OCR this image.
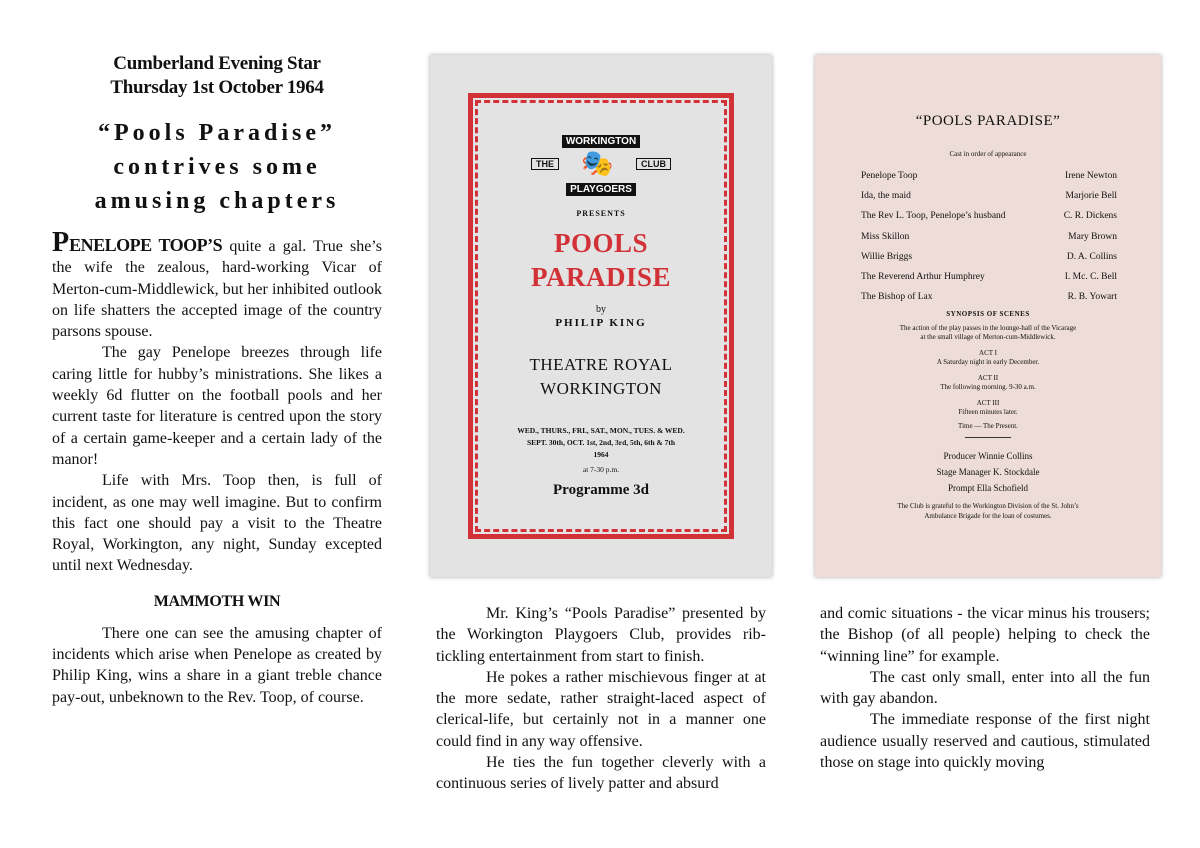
Cumberland Evening Star
Thursday 1st October 1964
“Pools Paradise”
contrives some
amusing chapters

PENELOPE TOOP’S quite a gal. True she’s the wife the zealous, hard-working Vicar of Merton-cum-Middlewick, but her inhibited outlook on life shatters the accepted image of the country parsons spouse.

The gay Penelope breezes through life caring little for hubby’s ministrations. She likes a weekly 6d flutter on the football pools and her current taste for literature is centred upon the story of a certain game-keeper and a certain lady of the manor!

Life with Mrs. Toop then, is full of incident, as one may well imagine. But to confirm this fact one should pay a visit to the Theatre Royal, Workington, any night, Sunday excepted until next Wednesday.

MAMMOTH WIN

There one can see the amusing chapter of incidents which arise when Penelope as created by Philip King, wins a share in a giant treble chance pay-out, unbeknown to the Rev. Toop, of course.

WORKINGTON
THE 🎭	CLUB
PLAYGOERS
PRESENTS
POOLS
PARADISE
by
PHILIP KING
THEATRE ROYAL
WORKINGTON
WED., THURS., FRI., SAT., MON., TUES. & WED.
SEPT. 30th, OCT. 1st, 2nd, 3rd, 5th, 6th & 7th
1964
at 7-30 p.m.
Programme 3d
“POOLS PARADISE”
Cast in order of appearance
Penelope Toop	Irene Newton
Ida, the maid	Marjorie Bell
The Rev L. Toop, Penelope’s husband	C. R. Dickens
Miss Skillon	Mary Brown
Willie Briggs	D. A. Collins
The Reverend Arthur Humphrey	I. Mc. C. Bell
The Bishop of Lax	R. B. Yowart
SYNOPSIS OF SCENES
The action of the play passes in the lounge-hall of the Vicarage
at the small village of Merton-cum-Middlewick.
ACT I
A Saturday night in early December.
ACT II
The following morning. 9-30 a.m.
ACT III
Fifteen minutes later.
Time — The Present.
Producer Winnie Collins
Stage Manager K. Stockdale
Prompt Ella Schofield
The Club is grateful to the Workington Division of the St. John’s
Ambulance Brigade for the loan of costumes.

Mr. King’s “Pools Paradise” presented by the Workington Playgoers Club, provides rib-tickling entertainment from start to finish.

He pokes a rather mischievous finger at at the more sedate, rather straight-laced aspect of clerical-life, but certainly not in a manner one could find in any way offensive.

He ties the fun together cleverly with a continuous series of lively patter and absurd

and comic situations - the vicar minus his trousers; the Bishop (of all people) helping to check the “winning line” for example.

The cast only small, enter into all the fun with gay abandon.

The immediate response of the first night audience usually reserved and cautious, stimulated those on stage into quickly moving
